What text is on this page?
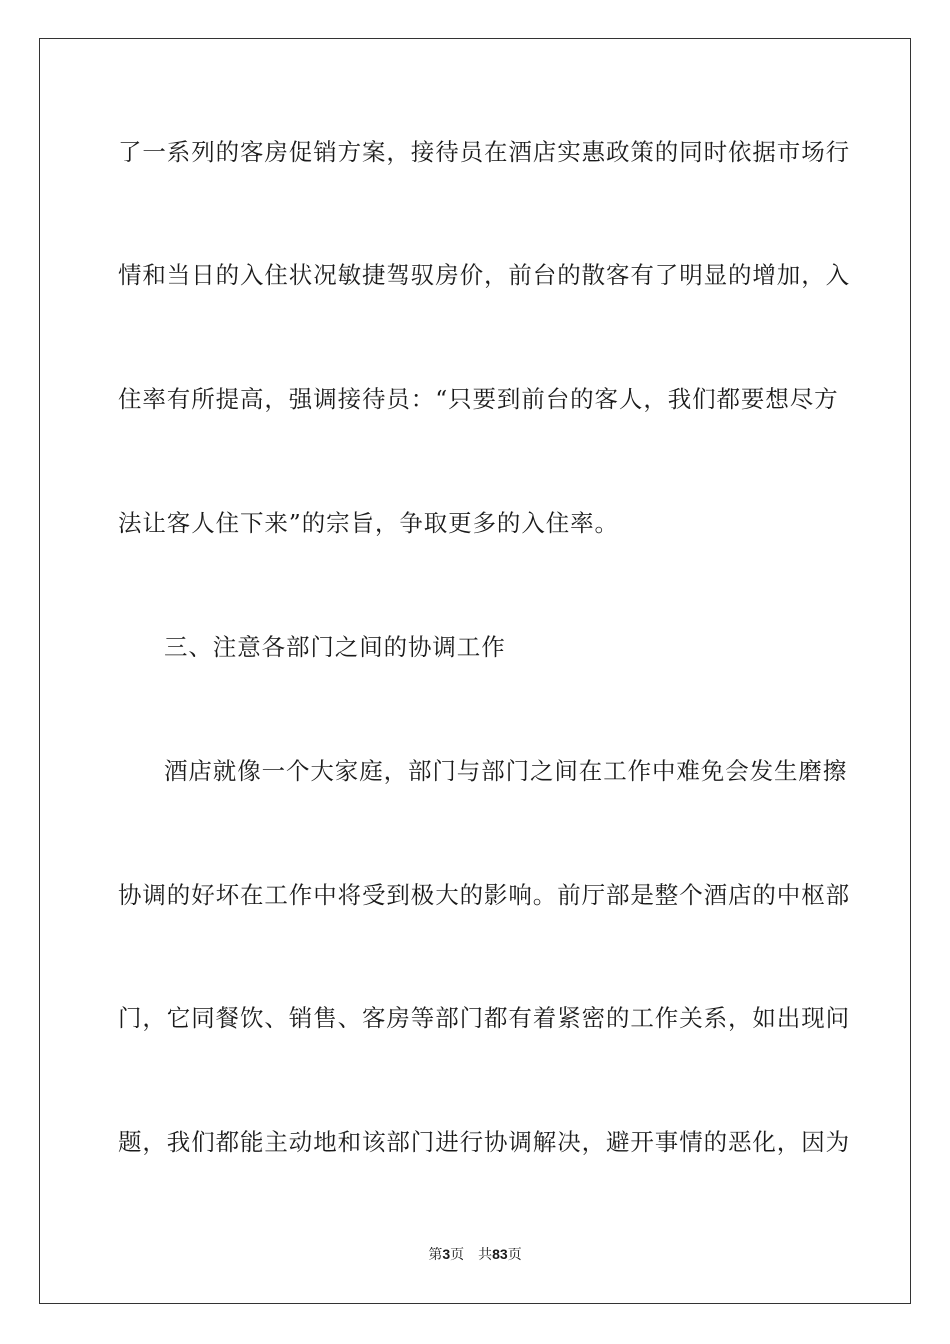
了一系列的客房促销方案，接待员在酒店实惠政策的同时依据市场行
情和当日的入住状况敏捷驾驭房价，前台的散客有了明显的增加，入
住率有所提高，强调接待员：“只要到前台的客人，我们都要想尽方
法让客人住下来”的宗旨，争取更多的入住率。
三、注意各部门之间的协调工作
酒店就像一个大家庭，部门与部门之间在工作中难免会发生磨擦
协调的好坏在工作中将受到极大的影响。前厅部是整个酒店的中枢部
门，它同餐饮、销售、客房等部门都有着紧密的工作关系，如出现问
题，我们都能主动地和该部门进行协调解决，避开事情的恶化，因为
第3页 共83页
